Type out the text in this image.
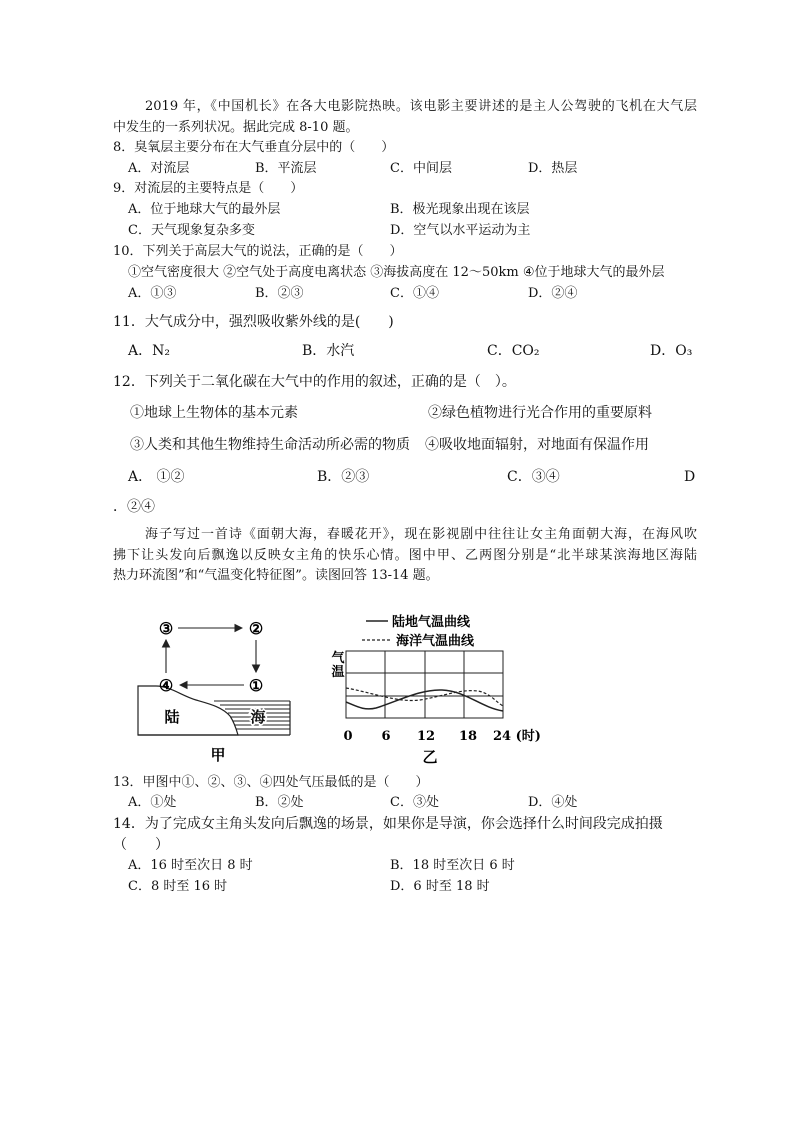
2019 年，《中国机长》在各大电影院热映。该电影主要讲述的是主人公驾驶的飞机在大气层
中发生的一系列状况。据此完成 8-10 题。
8．臭氧层主要分布在大气垂直分层中的（　　）
A．对流层	B．平流层	C．中间层	D．热层
9．对流层的主要特点是（　　）
A．位于地球大气的最外层	B．极光现象出现在该层
C．天气现象复杂多变	D．空气以水平运动为主
10．下列关于高层大气的说法，正确的是（　　）
①空气密度很大 ②空气处于高度电离状态 ③海拔高度在 12～50km ④位于地球大气的最外层
A．①③	B．②③	C．①④	D．②④
11．大气成分中，强烈吸收紫外线的是(　　)
A．N₂	B．水汽	C．CO₂	D．O₃
12．下列关于二氧化碳在大气中的作用的叙述，正确的是（　）。
①地球上生物体的基本元素	②绿色植物进行光合作用的重要原料
③人类和其他生物维持生命活动所必需的物质 ④吸收地面辐射，对地面有保温作用
A． ①②	B．②③	C．③④	D
．②④
海子写过一首诗《面朝大海，春暖花开》，现在影视剧中往往让女主角面朝大海，在海风吹
拂下让头发向后飘逸以反映女主角的快乐心情。图中甲、乙两图分别是“北半球某滨海地区海陆
热力环流图”和“气温变化特征图”。读图回答 13-14 题。
陆	海
③	②
④	①
甲
陆地气温曲线
海洋气温曲线
气
温
0 6 12 18 24 (时)
乙
13．甲图中①、②、③、④四处气压最低的是（　　）
A．①处	B．②处	C．③处	D．④处
14．为了完成女主角头发向后飘逸的场景，如果你是导演，你会选择什么时间段完成拍摄
（　　）
A．16 时至次日 8 时	B．18 时至次日 6 时
C．8 时至 16 时	D．6 时至 18 时
